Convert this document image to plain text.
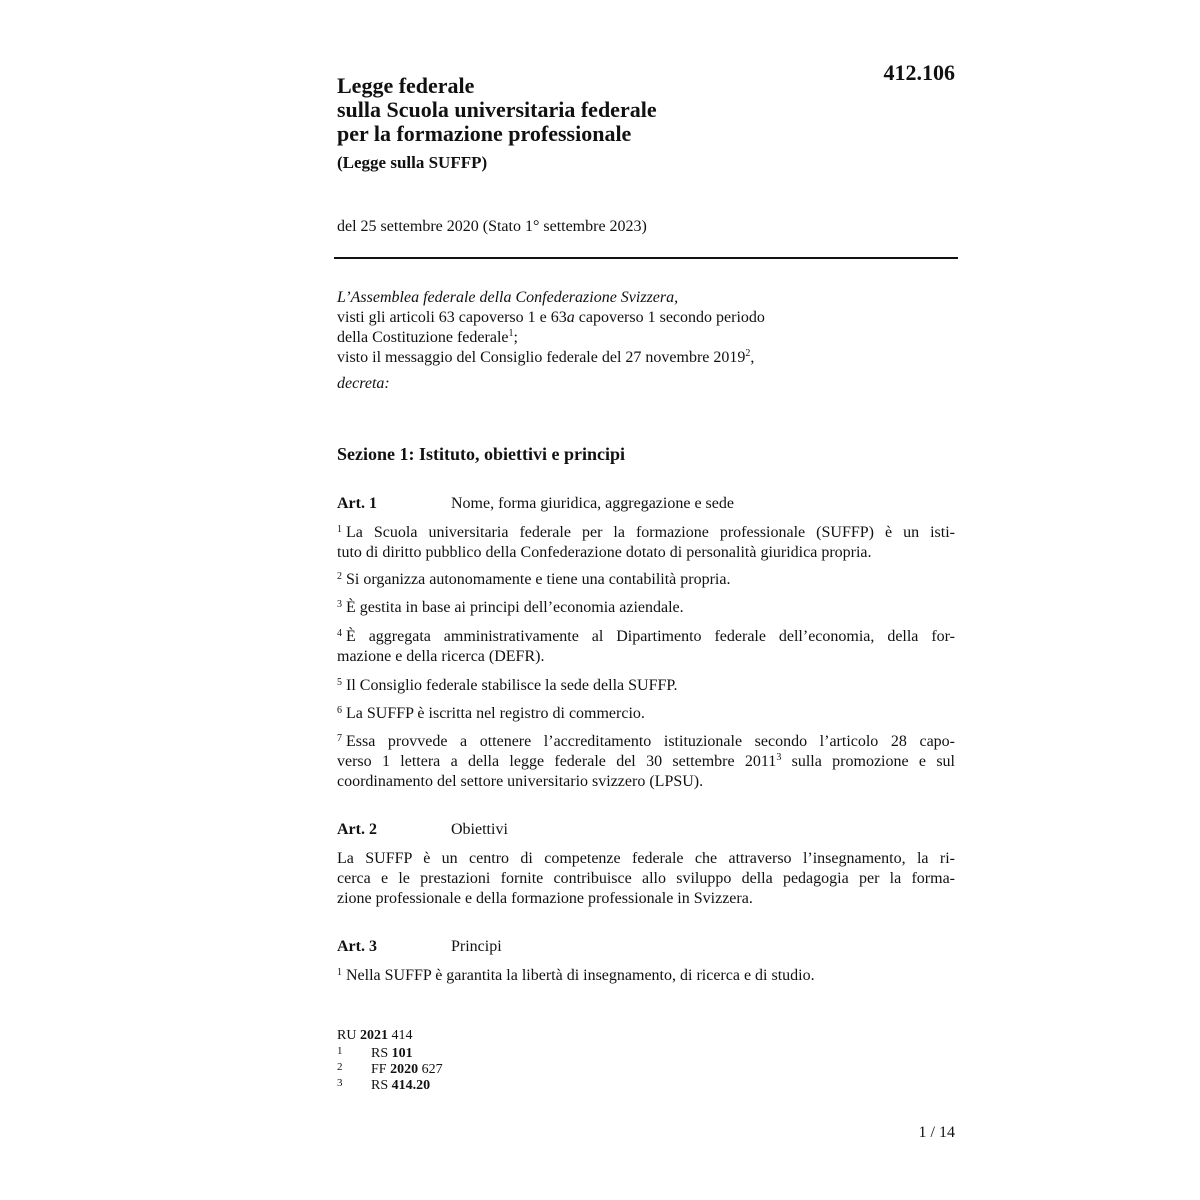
412.106
Legge federale
sulla Scuola universitaria federale
per la formazione professionale
(Legge sulla SUFFP)
del 25 settembre 2020 (Stato 1° settembre 2023)
L’Assemblea federale della Confederazione Svizzera,
visti gli articoli 63 capoverso 1 e 63a capoverso 1 secondo periodo
della Costituzione federale$^1$;
visto il messaggio del Consiglio federale del 27 novembre 2019$^2$,
decreta:
Sezione 1: Istituto, obiettivi e principi
Art. 1	Nome, forma giuridica, aggregazione e sede
$^1$ La Scuola universitaria federale per la formazione professionale (SUFFP) è un isti-
tuto di diritto pubblico della Confederazione dotato di personalità giuridica propria.
$^2$ Si organizza autonomamente e tiene una contabilità propria.
$^3$ È gestita in base ai principi dell’economia aziendale.
$^4$ È aggregata amministrativamente al Dipartimento federale dell’economia, della for-
mazione e della ricerca (DEFR).
$^5$ Il Consiglio federale stabilisce la sede della SUFFP.
$^6$ La SUFFP è iscritta nel registro di commercio.
$^7$ Essa provvede a ottenere l’accreditamento istituzionale secondo l’articolo 28 capo-
verso 1 lettera a della legge federale del 30 settembre 2011$^3$ sulla promozione e sul
coordinamento del settore universitario svizzero (LPSU).
Art. 2	Obiettivi
La SUFFP è un centro di competenze federale che attraverso l’insegnamento, la ri-
cerca e le prestazioni fornite contribuisce allo sviluppo della pedagogia per la forma-
zione professionale e della formazione professionale in Svizzera.
Art. 3	Principi
$^1$ Nella SUFFP è garantita la libertà di insegnamento, di ricerca e di studio.
RU 2021 414
1 RS 101
2 FF 2020 627
3 RS 414.20
1 / 14
